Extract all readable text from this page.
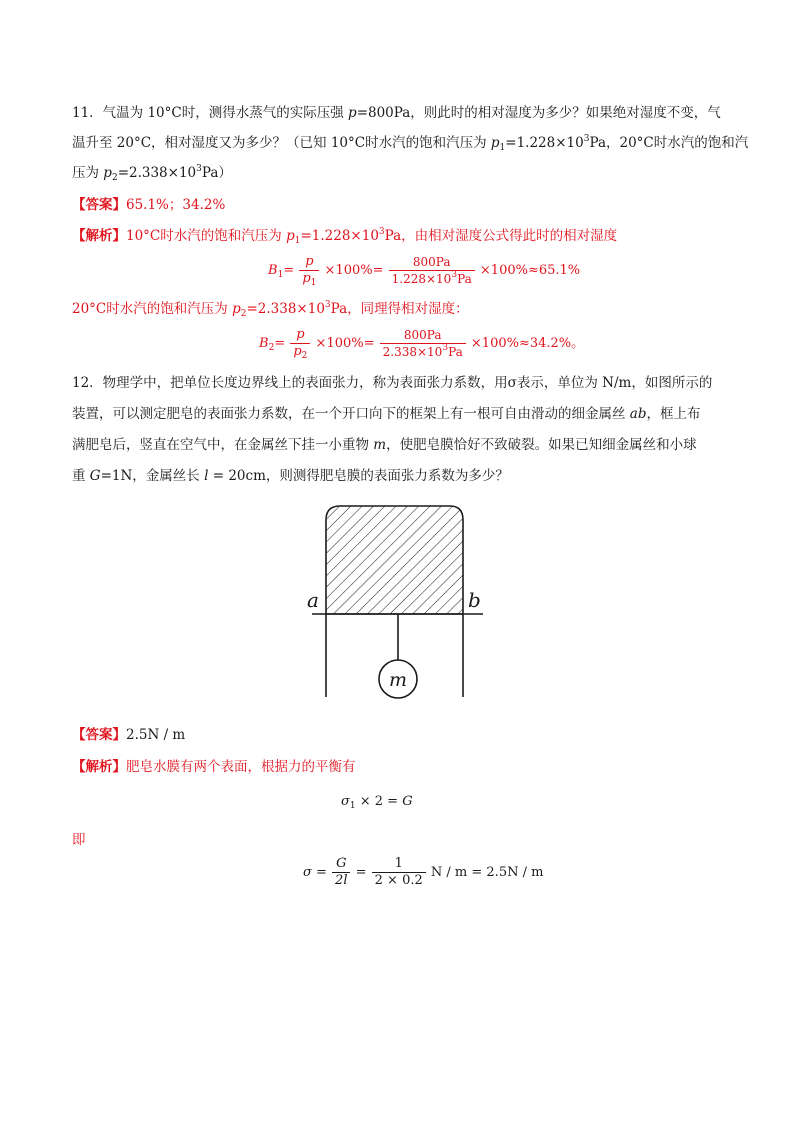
11．气温为 10°C时，测得水蒸气的实际压强 p=800Pa，则此时的相对湿度为多少？如果绝对湿度不变，气
温升至 20°C，相对湿度又为多少？（已知 10°C时水汽的饱和汽压为 $p_1=1.228\times 10^3Pa$，20°C时水汽的饱和汽
压为 $p_2=2.338\times 10^3Pa$）
【答案】65.1%；34.2%
【解析】10°C时水汽的饱和汽压为 $p_1=1.228\times 10^3Pa$，由相对湿度公式得此时的相对湿度
$B_1= \frac{p}{p_1} \times 100\%= \frac{800Pa}{1.228\times 10^3Pa} \times 100\%\approx 65.1\%$
20°C时水汽的饱和汽压为 $p_2=2.338\times 10^3Pa$，同理得相对湿度：
$B_2= \frac{p}{p_2} \times 100\%= \frac{800Pa}{2.338\times 10^3Pa} \times 100\%\approx 34.2\%$。
12．物理学中，把单位长度边界线上的表面张力，称为表面张力系数，用σ表示，单位为 N/m，如图所示的
装置，可以测定肥皂的表面张力系数，在一个开口向下的框架上有一根可自由滑动的细金属丝 ab，框上布
满肥皂后，竖直在空气中，在金属丝下挂一小重物 m，使肥皂膜恰好不致破裂。如果已知细金属丝和小球
重 G=1N，金属丝长 l = 20cm，则测得肥皂膜的表面张力系数为多少？
a	b
m
【答案】2.5N / m
【解析】肥皂水膜有两个表面，根据力的平衡有
$\sigma_1 \times 2 = G$
即
$\sigma = \frac{G}{2l} = \frac{1}{2 \times 0.2}$ N / m = 2.5N / m
